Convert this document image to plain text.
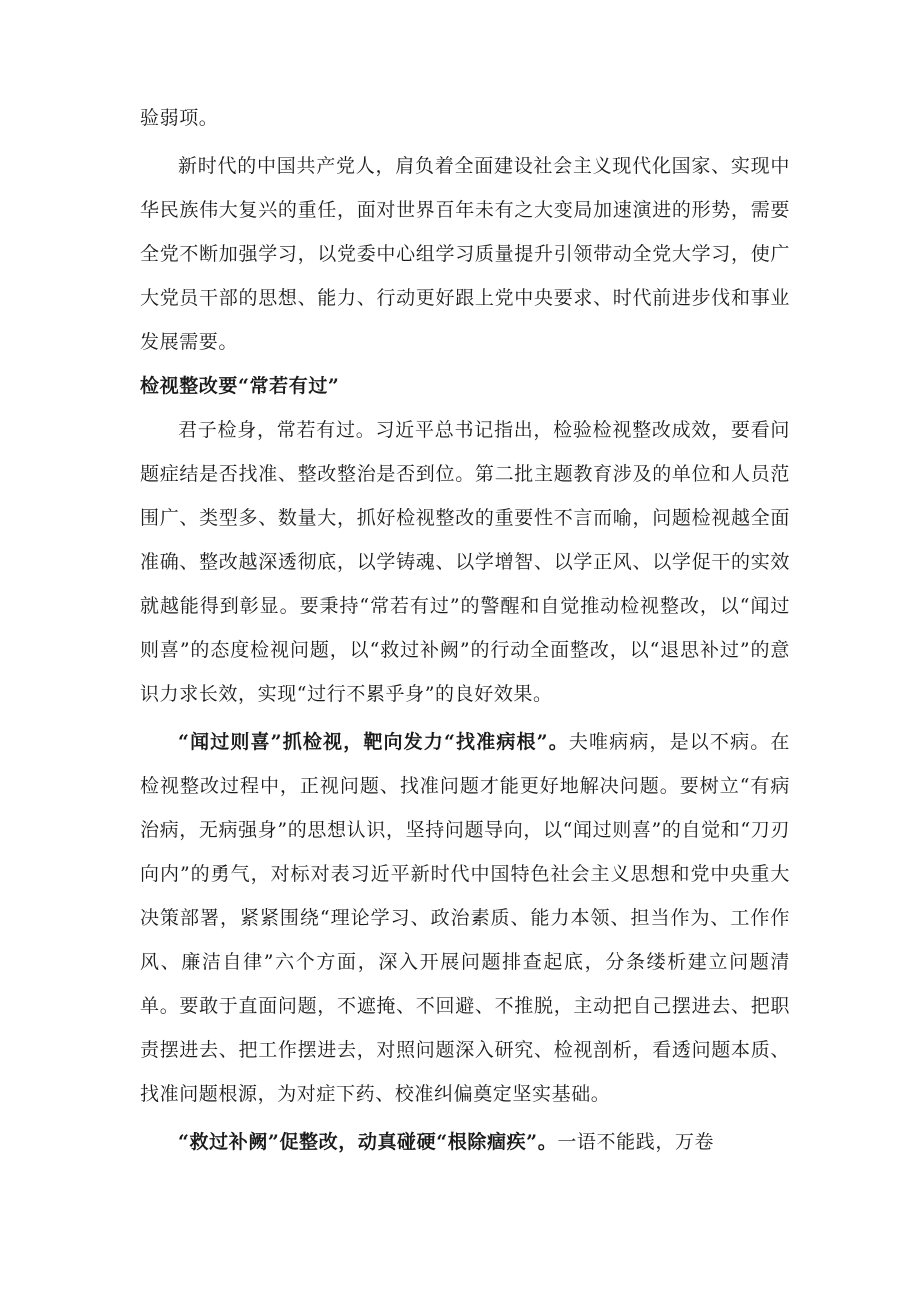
验弱项。

新时代的中国共产党人，肩负着全面建设社会主义现代化国家、实现中华民族伟大复兴的重任，面对世界百年未有之大变局加速演进的形势，需要全党不断加强学习，以党委中心组学习质量提升引领带动全党大学习，使广大党员干部的思想、能力、行动更好跟上党中央要求、时代前进步伐和事业发展需要。

检视整改要“常若有过”

君子检身，常若有过。习近平总书记指出，检验检视整改成效，要看问题症结是否找准、整改整治是否到位。第二批主题教育涉及的单位和人员范围广、类型多、数量大，抓好检视整改的重要性不言而喻，问题检视越全面准确、整改越深透彻底，以学铸魂、以学增智、以学正风、以学促干的实效就越能得到彰显。要秉持“常若有过”的警醒和自觉推动检视整改，以“闻过则喜”的态度检视问题，以“救过补阙”的行动全面整改，以“退思补过”的意识力求长效，实现“过行不累乎身”的良好效果。

“闻过则喜”抓检视，靶向发力“找准病根”。夫唯病病，是以不病。在检视整改过程中，正视问题、找准问题才能更好地解决问题。要树立“有病治病，无病强身”的思想认识，坚持问题导向，以“闻过则喜”的自觉和“刀刃向内”的勇气，对标对表习近平新时代中国特色社会主义思想和党中央重大决策部署，紧紧围绕“理论学习、政治素质、能力本领、担当作为、工作作风、廉洁自律”六个方面，深入开展问题排查起底，分条缕析建立问题清单。要敢于直面问题，不遮掩、不回避、不推脱，主动把自己摆进去、把职责摆进去、把工作摆进去，对照问题深入研究、检视剖析，看透问题本质、找准问题根源，为对症下药、校准纠偏奠定坚实基础。

“救过补阙”促整改，动真碰硬“根除痼疾”。一语不能践，万卷
